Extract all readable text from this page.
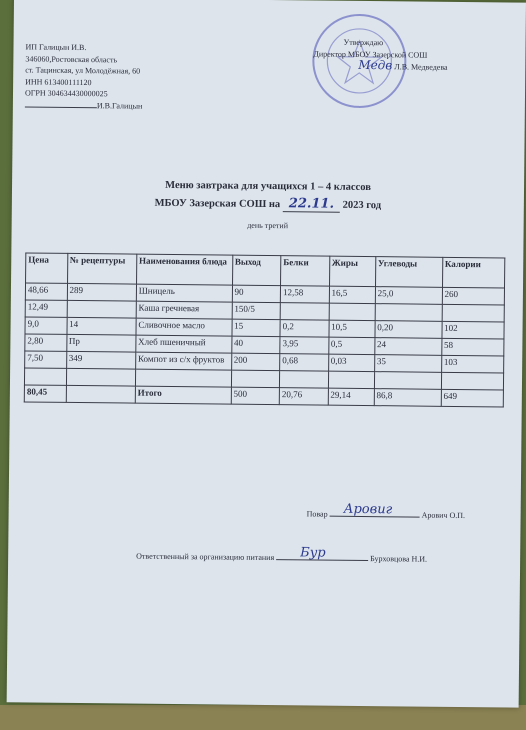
ИП Галицын И.В.
346060,Ростовская область
ст. Тацинская, ул Молодёжная, 60
ИНН 613400111120
ОГРН 304634430000025
И.В.Галицын
Утверждаю
Директор МБОУ Зазерской СОШ
Медв Л.В. Медведева
Меню завтрака для учащихся 1 – 4 классов
МБОУ Зазерская СОШ на 22.11. 2023 год
день третий
Цена	№ рецептуры	Наименования блюда	Выход	Белки	Жиры	Углеводы	Калории
48,66	289	Шницель	90	12,58	16,5	25,0	260
12,49		Каша гречневая	150/5				
9,0	14	Сливочное масло	15	0,2	10,5	0,20	102
2,80	Пр	Хлеб пшеничный	40	3,95	0,5	24	58
7,50	349	Компот из с/х фруктов	200	0,68	0,03	35	103

80,45		Итого	500	20,76	29,14	86,8	649
Повар Аровиг	Арович О.П.
Ответственный за организацию питания Бур	Бурховцова Н.И.
